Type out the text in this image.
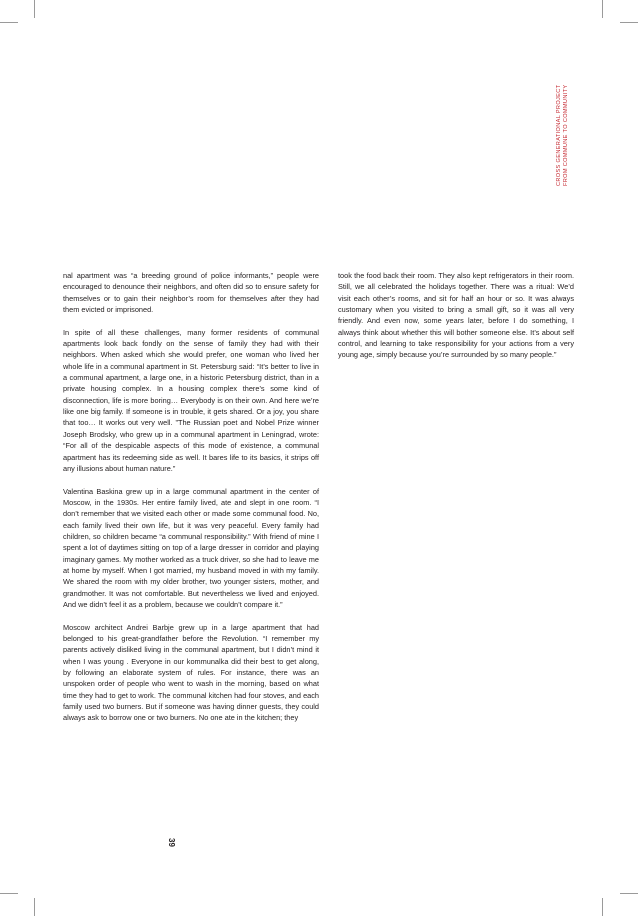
CROSS GENERATIONAL PROJECT FROM COMMUNE TO COMMUNITY

nal apartment was “a breeding ground of police informants,” people were encouraged to denounce their neighbors, and often did so to ensure safety for themselves or to gain their neighbor’s room for themselves after they had them evicted or imprisoned.

In spite of all these challenges, many former residents of communal apartments look back fondly on the sense of family they had with their neighbors. When asked which she would prefer, one woman who lived her whole life in a communal apartment in St. Petersburg said: “It’s better to live in a communal apartment, a large one, in a historic Petersburg district, than in a private housing complex. In a housing complex there’s some kind of disconnection, life is more boring… Everybody is on their own. And here we’re like one big family. If someone is in trouble, it gets shared. Or a joy, you share that too… It works out very well. ”The Russian poet and Nobel Prize winner Joseph Brodsky, who grew up in a communal apartment in Leningrad, wrote: “For all of the despicable aspects of this mode of existence, a communal apartment has its redeeming side as well. It bares life to its basics, it strips off any illusions about human nature.”

Valentina Baskina grew up in a large communal apartment in the center of Moscow, in the 1930s. Her entire family lived, ate and slept in one room. “I don’t remember that we visited each other or made some communal food. No, each family lived their own life, but it was very peaceful. Every family had children, so children became “a communal responsibility.” With friend of mine I spent a lot of daytimes sitting on top of a large dresser in corridor and playing imaginary games. My mother worked as a truck driver, so she had to leave me at home by myself. When I got married, my husband moved in with my family. We shared the room with my older brother, two younger sisters, mother, and grandmother. It was not comfortable. But nevertheless we lived and enjoyed. And we didn’t feel it as a problem, because we couldn’t compare it.”

Moscow architect Andrei Barbje grew up in a large apartment that had belonged to his great-grandfather before the Revolution. “I remember my parents actively disliked living in the communal apartment, but I didn’t mind it when I was young . Everyone in our kommunalka did their best to get along, by following an elaborate system of rules. For instance, there was an unspoken order of people who went to wash in the morning, based on what time they had to get to work. The communal kitchen had four stoves, and each family used two burners. But if someone was having dinner guests, they could always ask to borrow one or two burners. No one ate in the kitchen; they

took the food back their room. They also kept refrigerators in their room. Still, we all celebrated the holidays together. There was a ritual: We’d visit each other’s rooms, and sit for half an hour or so. It was always customary when you visited to bring a small gift, so it was all very friendly. And even now, some years later, before I do something, I always think about whether this will bother someone else. It’s about self control, and learning to take responsibility for your actions from a very young age, simply because you’re surrounded by so many people.”

39
